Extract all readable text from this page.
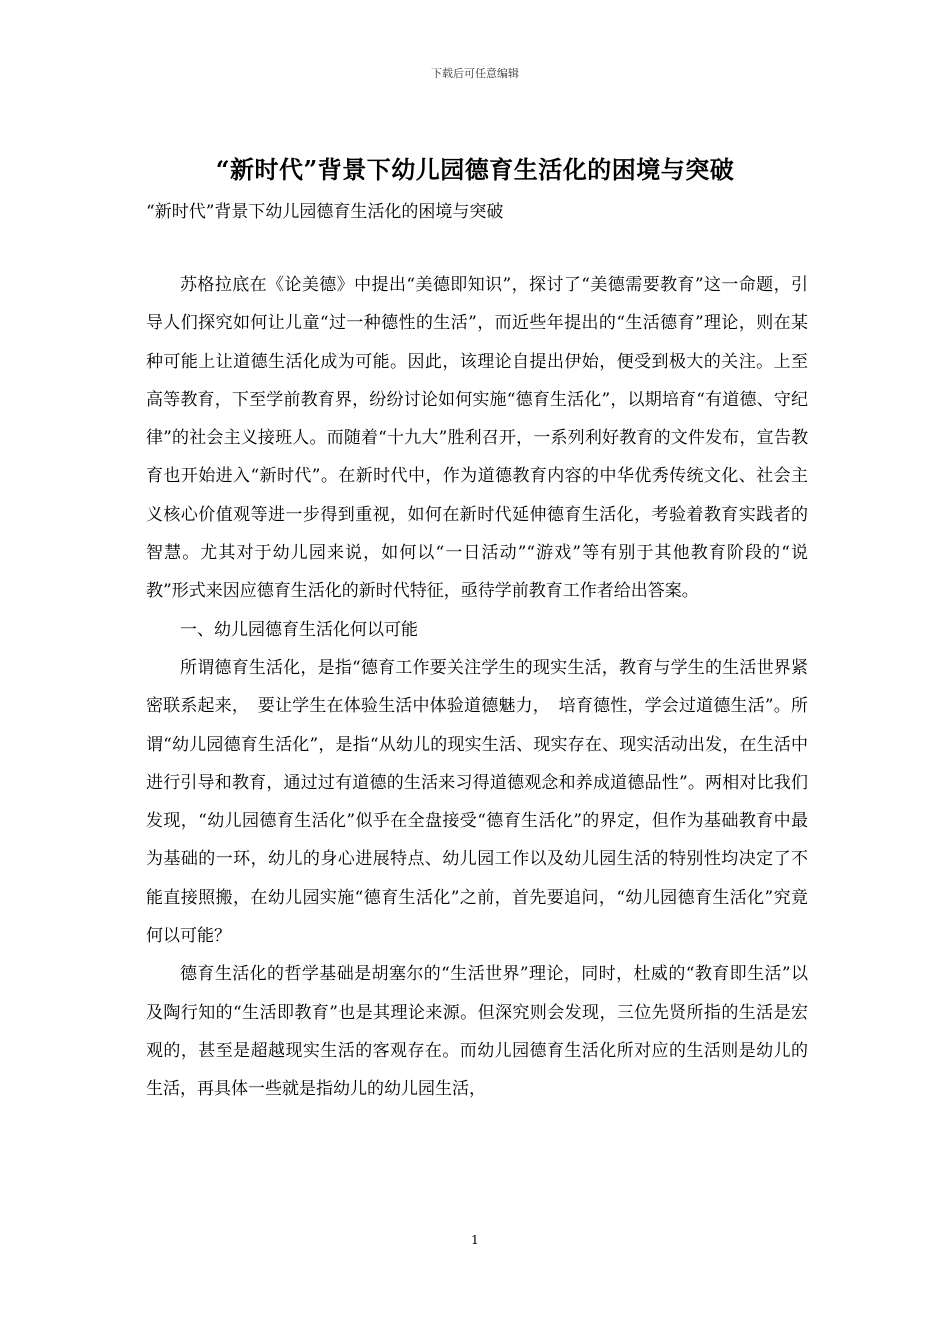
下载后可任意编辑
“新时代”背景下幼儿园德育生活化的困境与突破
“新时代”背景下幼儿园德育生活化的困境与突破

苏格拉底在《论美德》中提出“美德即知识”，探讨了“美德需要教育”这一命题，引导人们探究如何让儿童“过一种德性的生活”，而近些年提出的“生活德育”理论，则在某种可能上让道德生活化成为可能。因此，该理论自提出伊始，便受到极大的关注。上至高等教育，下至学前教育界，纷纷讨论如何实施“德育生活化”，以期培育“有道德、守纪律”的社会主义接班人。而随着“十九大”胜利召开，一系列利好教育的文件发布，宣告教育也开始进入“新时代”。在新时代中，作为道德教育内容的中华优秀传统文化、社会主义核心价值观等进一步得到重视，如何在新时代延伸德育生活化，考验着教育实践者的智慧。尤其对于幼儿园来说，如何以“一日活动”“游戏”等有别于其他教育阶段的“说教”形式来因应德育生活化的新时代特征，亟待学前教育工作者给出答案。

一、幼儿园德育生活化何以可能

所谓德育生活化，是指“德育工作要关注学生的现实生活，教育与学生的生活世界紧密联系起来，　要让学生在体验生活中体验道德魅力，　培育德性，学会过道德生活”。所谓“幼儿园德育生活化”，是指“从幼儿的现实生活、现实存在、现实活动出发，在生活中进行引导和教育，通过过有道德的生活来习得道德观念和养成道德品性”。两相对比我们发现，“幼儿园德育生活化”似乎在全盘接受“德育生活化”的界定，但作为基础教育中最为基础的一环，幼儿的身心进展特点、幼儿园工作以及幼儿园生活的特别性均决定了不能直接照搬，在幼儿园实施“德育生活化”之前，首先要追问，“幼儿园德育生活化”究竟何以可能？

德育生活化的哲学基础是胡塞尔的“生活世界”理论，同时，杜威的“教育即生活”以及陶行知的“生活即教育”也是其理论来源。但深究则会发现，三位先贤所指的生活是宏观的，甚至是超越现实生活的客观存在。而幼儿园德育生活化所对应的生活则是幼儿的生活，再具体一些就是指幼儿的幼儿园生活，

1
